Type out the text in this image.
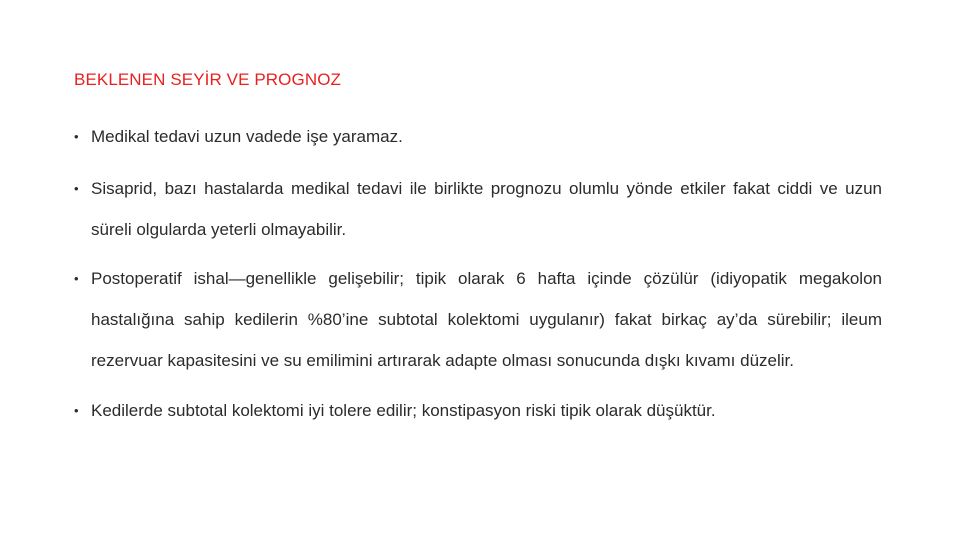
BEKLENEN SEYİR VE PROGNOZ
• Medikal tedavi uzun vadede işe yaramaz.
• Sisaprid, bazı hastalarda medikal tedavi ile birlikte prognozu olumlu yönde etkiler fakat ciddi ve uzun süreli olgularda yeterli olmayabilir.
• Postoperatif ishal—genellikle gelişebilir; tipik olarak 6 hafta içinde çözülür (idiyopatik megakolon hastalığına sahip kedilerin %80’ine subtotal kolektomi uygulanır) fakat birkaç ay’da sürebilir; ileum rezervuar kapasitesini ve su emilimini artırarak adapte olması sonucunda dışkı kıvamı düzelir.
• Kedilerde subtotal kolektomi iyi tolere edilir; konstipasyon riski tipik olarak düşüktür.
